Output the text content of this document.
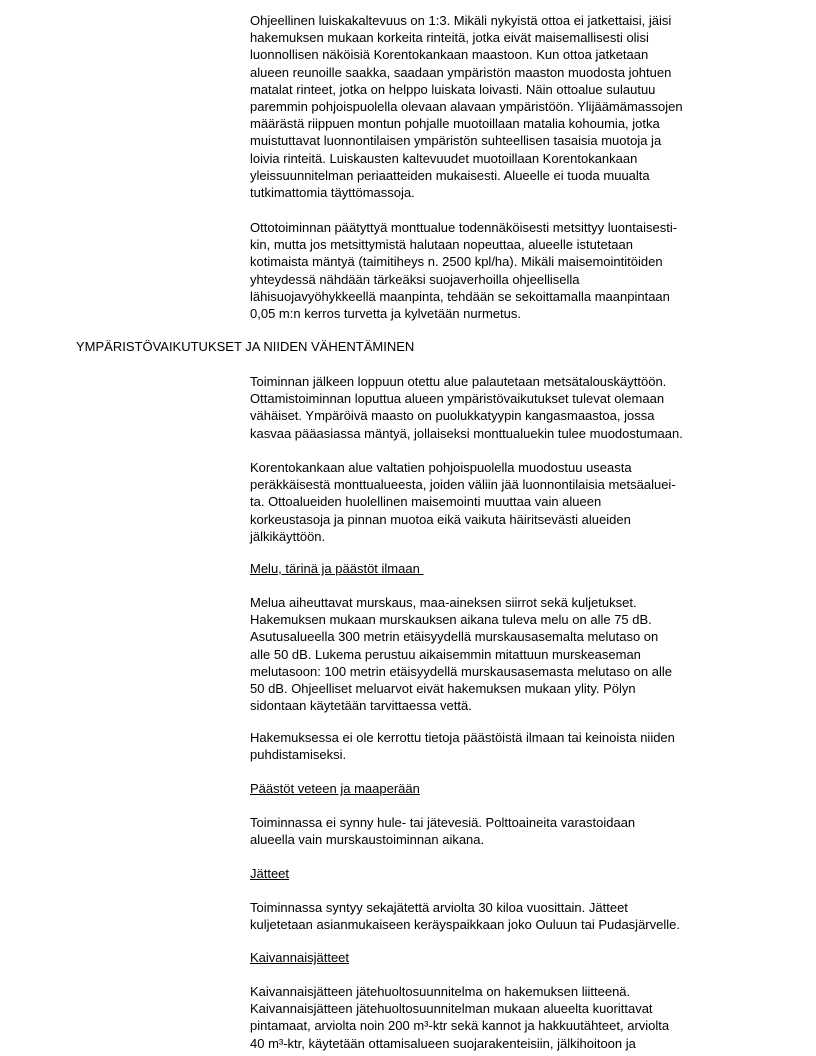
Ohjeellinen luiskakaltevuus on 1:3. Mikäli nykyistä ottoa ei jatkettaisi, jäisi
hakemuksen mukaan korkeita rinteitä, jotka eivät maisemallisesti olisi
luonnollisen näköisiä Korentokankaan maastoon. Kun ottoa jatketaan
alueen reunoille saakka, saadaan ympäristön maaston muodosta johtuen
matalat rinteet, jotka on helppo luiskata loivasti. Näin ottoalue sulautuu
paremmin pohjoispuolella olevaan alavaan ympäristöön. Ylijäämämassojen
määrästä riippuen montun pohjalle muotoillaan matalia kohoumia, jotka
muistuttavat luonnontilaisen ympäristön suhteellisen tasaisia muotoja ja
loivia rinteitä. Luiskausten kaltevuudet muotoillaan Korentokankaan
yleissuunnitelman periaatteiden mukaisesti. Alueelle ei tuoda muualta
tutkimattomia täyttömassoja.
Ottotoiminnan päätyttyä monttualue todennäköisesti metsittyy luontaisesti-
kin, mutta jos metsittymistä halutaan nopeuttaa, alueelle istutetaan
kotimaista mäntyä (taimitiheys n. 2500 kpl/ha). Mikäli maisemointitöiden
yhteydessä nähdään tärkeäksi suojaverhoilla ohjeellisella
lähisuojavyöhykkeellä maanpinta, tehdään se sekoittamalla maanpintaan
0,05 m:n kerros turvetta ja kylvetään nurmetus.
YMPÄRISTÖVAIKUTUKSET JA NIIDEN VÄHENTÄMINEN
Toiminnan jälkeen loppuun otettu alue palautetaan metsätalouskäyttöön.
Ottamistoiminnan loputtua alueen ympäristövaikutukset tulevat olemaan
vähäiset. Ympäröivä maasto on puolukkatyypin kangasmaastoa, jossa
kasvaa pääasiassa mäntyä, jollaiseksi monttualuekin tulee muodostumaan.
Korentokankaan alue valtatien pohjoispuolella muodostuu useasta
peräkkäisestä monttualueesta, joiden väliin jää luonnontilaisia metsäaluei-
ta. Ottoalueiden huolellinen maisemointi muuttaa vain alueen
korkeustasoja ja pinnan muotoa eikä vaikuta häiritsevästi alueiden
jälkikäyttöön.
Melu, tärinä ja päästöt ilmaan
Melua aiheuttavat murskaus, maa-aineksen siirrot sekä kuljetukset.
Hakemuksen mukaan murskauksen aikana tuleva melu on alle 75 dB.
Asutusalueella 300 metrin etäisyydellä murskausasemalta melutaso on
alle 50 dB. Lukema perustuu aikaisemmin mitattuun murskeaseman
melutasoon: 100 metrin etäisyydellä murskausasemasta melutaso on alle
50 dB. Ohjeelliset meluarvot eivät hakemuksen mukaan ylity. Pölyn
sidontaan käytetään tarvittaessa vettä.
Hakemuksessa ei ole kerrottu tietoja päästöistä ilmaan tai keinoista niiden
puhdistamiseksi.
Päästöt veteen ja maaperään
Toiminnassa ei synny hule- tai jätevesiä. Polttoaineita varastoidaan
alueella vain murskaustoiminnan aikana.
Jätteet
Toiminnassa syntyy sekajätettä arviolta 30 kiloa vuosittain. Jätteet
kuljetetaan asianmukaiseen keräyspaikkaan joko Ouluun tai Pudasjärvelle.
Kaivannaisjätteet
Kaivannaisjätteen jätehuoltosuunnitelma on hakemuksen liitteenä.
Kaivannaisjätteen jätehuoltosuunnitelman mukaan alueelta kuorittavat
pintamaat, arviolta noin 200 m³-ktr sekä kannot ja hakkuutähteet, arviolta
40 m³-ktr, käytetään ottamisalueen suojarakenteisiin, jälkihoitoon ja
